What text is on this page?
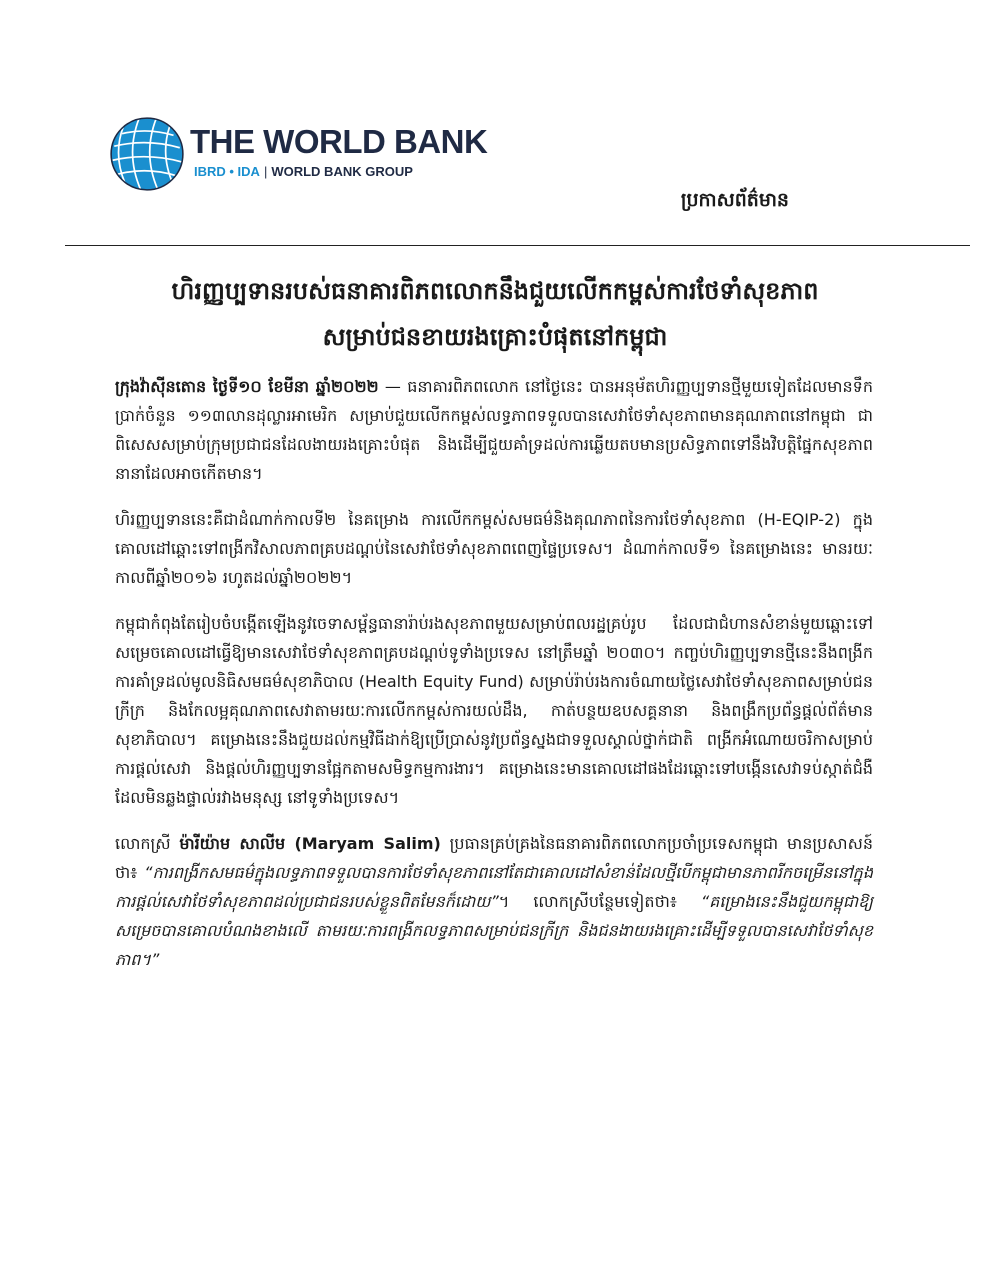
THE WORLD BANK
IBRD • IDA | WORLD BANK GROUP
ប្រកាសព័ត៌មាន
ហិរញ្ញប្បទានរបស់ធនាគារពិភពលោកនឹងជួយលើកកម្ពស់ការថែទាំសុខភាពសម្រាប់ជនខាយរងគ្រោះបំផុតនៅកម្ពុជា

ក្រុងវ៉ាស៊ីនតោន ថ្ងៃទី១០ ខែមីនា ឆ្នាំ២០២២ — ធនាគារពិភពលោក នៅថ្ងៃនេះ បានអនុម័តហិរញ្ញប្បទានថ្មីមួយទៀតដែលមានទឹកប្រាក់ចំនួន ១១៣លានដុល្លារអាមេរិក សម្រាប់ជួយលើកកម្ពស់លទ្ធភាពទទួលបានសេវាថែទាំសុខភាពមានគុណភាពនៅកម្ពុជា ជាពិសេសសម្រាប់ក្រុមប្រជាជនដែលងាយរងគ្រោះបំផុត និងដើម្បីជួយគាំទ្រដល់ការឆ្លើយតបមានប្រសិទ្ធភាពទៅនឹងវិបត្តិផ្នែកសុខភាពនានាដែលអាចកើតមាន។

ហិរញ្ញប្បទាននេះគឺជាដំណាក់កាលទី២ នៃគម្រោង ការលើកកម្ពស់សមធម៌និងគុណភាពនៃការថែទាំសុខភាព (H-EQIP-2) ក្នុងគោលដៅឆ្ពោះទៅពង្រីកវិសាលភាពគ្របដណ្តប់នៃសេវាថែទាំសុខភាពពេញផ្ទៃប្រទេស។ ដំណាក់កាលទី១ នៃគម្រោងនេះ មានរយៈកាលពីឆ្នាំ២០១៦ រហូតដល់ឆ្នាំ២០២២។

កម្ពុជាកំពុងតែរៀបចំបង្កើតឡើងនូវចេទាសម្ព័ន្ធធានារ៉ាប់រងសុខភាពមួយសម្រាប់ពលរដ្ឋគ្រប់រូប ដែលជាជំហានសំខាន់មួយឆ្ពោះទៅសម្រេចគោលដៅធ្វើឱ្យមានសេវាថែទាំសុខភាពគ្របដណ្តប់ទូទាំងប្រទេស នៅត្រឹមឆ្នាំ ២០៣០។ កញ្ចប់ហិរញ្ញប្បទានថ្មីនេះនឹងពង្រីកការគាំទ្រដល់មូលនិធិសមធម៌សុខាភិបាល (Health Equity Fund) សម្រាប់រ៉ាប់រងការចំណាយថ្លៃសេវាថែទាំសុខភាពសម្រាប់ជនក្រីក្រ និងកែលម្អគុណភាពសេវាតាមរយៈការលើកកម្ពស់ការយល់ដឹង, កាត់បន្ថយឧបសគ្គនានា និងពង្រឹកប្រព័ន្ធផ្តល់ព័ត៌មានសុខាភិបាល។ គម្រោងនេះនឹងជួយដល់កម្មវិធីដាក់ឱ្យប្រើប្រាស់នូវប្រព័ន្ធស្នងជាទទួលស្គាល់ថ្នាក់ជាតិ ពង្រីកអំណោយចរិកាសម្រាប់ការផ្តល់សេវា និងផ្តល់ហិរញ្ញប្បទានផ្អែកតាមសមិទ្ធកម្មការងារ។ គម្រោងនេះមានគោលដៅផងដែរឆ្ពោះទៅបង្កើនសេវាទប់ស្កាត់ជំងឺដែលមិនឆ្លងផ្ទាល់រវាងមនុស្ស នៅទូទាំងប្រទេស។

លោកស្រី ម៉ារីយ៉ាម សាលីម (Maryam Salim) ប្រធានគ្រប់គ្រងនៃធនាគារពិភពលោកប្រចាំប្រទេសកម្ពុជា មានប្រសាសន៍ ថា៖ “ការពង្រីកសមធម៌ក្នុងលទ្ធភាពទទួលបានការថែទាំសុខភាពនៅតែជាគោលដៅសំខាន់ដែលថ្មីបើកម្ពុជាមានភាពរីកចម្រើននៅក្នុងការផ្តល់សេវាថែទាំសុខភាពដល់ប្រជាជនរបស់ខ្លួនពិតមែនក៏ដោយ”។ លោកស្រីបន្ថែមទៀតថា៖ “គម្រោងនេះនឹងជួយកម្ពុជាឱ្យសម្រេចបានគោលបំណងខាងលើ តាមរយៈការពង្រីកលទ្ធភាពសម្រាប់ជនក្រីក្រ និងជនងាយរងគ្រោះដើម្បីទទួលបានសេវាថែទាំសុខភាព។”
